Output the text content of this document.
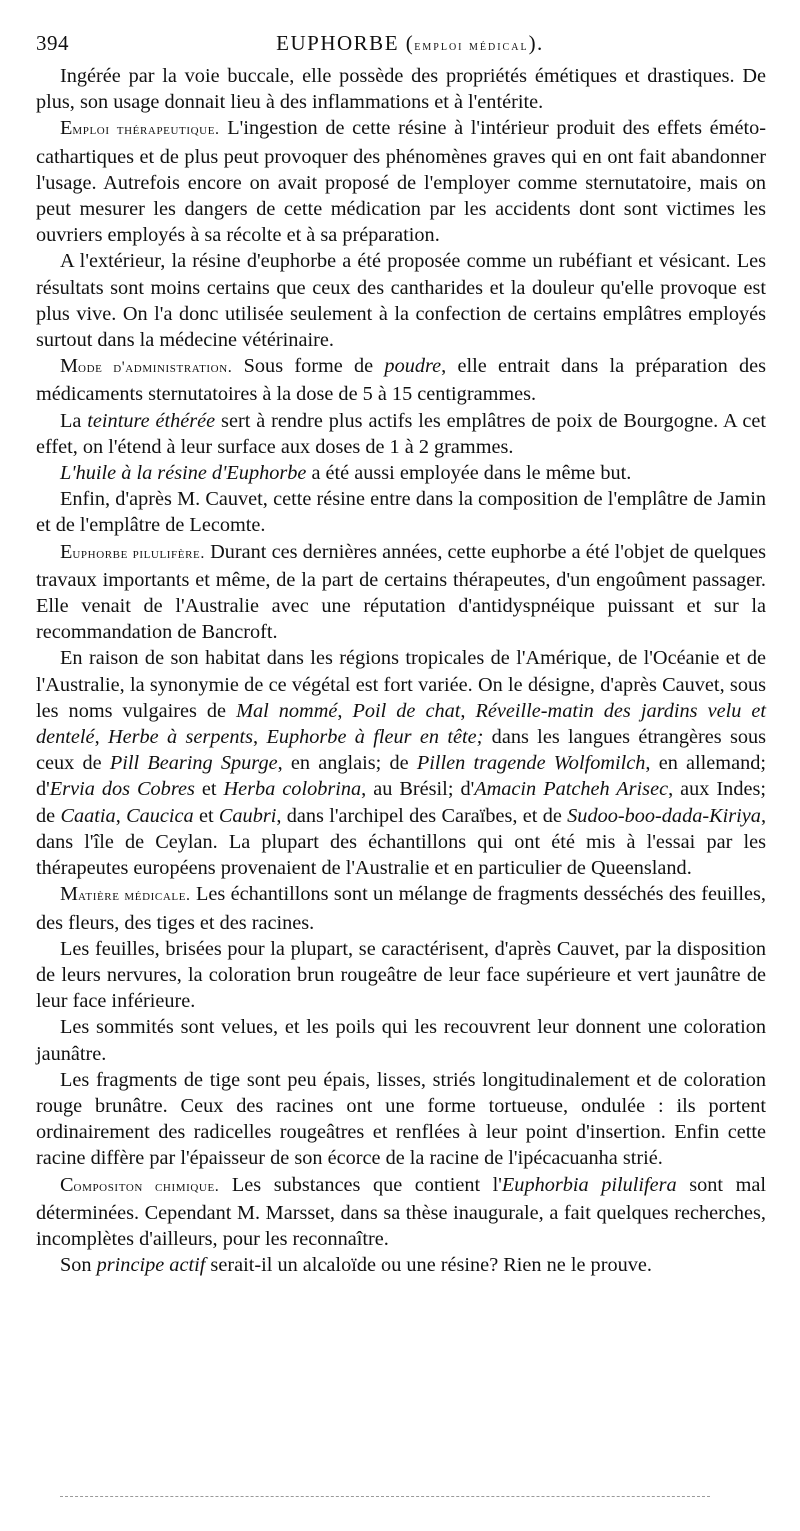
394	EUPHORBE (emploi médical).

Ingérée par la voie buccale, elle possède des propriétés émétiques et drastiques. De plus, son usage donnait lieu à des inflammations et à l'entérite.

Emploi thérapeutique. L'ingestion de cette résine à l'intérieur produit des effets éméto-cathartiques et de plus peut provoquer des phénomènes graves qui en ont fait abandonner l'usage. Autrefois encore on avait proposé de l'employer comme sternutatoire, mais on peut mesurer les dangers de cette médication par les accidents dont sont victimes les ouvriers employés à sa récolte et à sa préparation.

A l'extérieur, la résine d'euphorbe a été proposée comme un rubéfiant et vésicant. Les résultats sont moins certains que ceux des cantharides et la douleur qu'elle provoque est plus vive. On l'a donc utilisée seulement à la confection de certains emplâtres employés surtout dans la médecine vétérinaire.

Mode d'administration. Sous forme de poudre, elle entrait dans la préparation des médicaments sternutatoires à la dose de 5 à 15 centigrammes.

La teinture éthérée sert à rendre plus actifs les emplâtres de poix de Bourgogne. A cet effet, on l'étend à leur surface aux doses de 1 à 2 grammes.

L'huile à la résine d'Euphorbe a été aussi employée dans le même but.

Enfin, d'après M. Cauvet, cette résine entre dans la composition de l'emplâtre de Jamin et de l'emplâtre de Lecomte.

Euphorbe pilulifère. Durant ces dernières années, cette euphorbe a été l'objet de quelques travaux importants et même, de la part de certains thérapeutes, d'un engoûment passager. Elle venait de l'Australie avec une réputation d'antidyspnéique puissant et sur la recommandation de Bancroft.

En raison de son habitat dans les régions tropicales de l'Amérique, de l'Océanie et de l'Australie, la synonymie de ce végétal est fort variée. On le désigne, d'après Cauvet, sous les noms vulgaires de Mal nommé, Poil de chat, Réveille-matin des jardins velu et dentelé, Herbe à serpents, Euphorbe à fleur en tête; dans les langues étrangères sous ceux de Pill Bearing Spurge, en anglais; de Pillen tragende Wolfomilch, en allemand; d'Ervia dos Cobres et Herba colobrina, au Brésil; d'Amacin Patcheh Arisec, aux Indes; de Caatia, Caucica et Caubri, dans l'archipel des Caraïbes, et de Sudoo-boo-dada-Kiriya, dans l'île de Ceylan. La plupart des échantillons qui ont été mis à l'essai par les thérapeutes européens provenaient de l'Australie et en particulier de Queensland.

Matière médicale. Les échantillons sont un mélange de fragments desséchés des feuilles, des fleurs, des tiges et des racines.

Les feuilles, brisées pour la plupart, se caractérisent, d'après Cauvet, par la disposition de leurs nervures, la coloration brun rougeâtre de leur face supérieure et vert jaunâtre de leur face inférieure.

Les sommités sont velues, et les poils qui les recouvrent leur donnent une coloration jaunâtre.

Les fragments de tige sont peu épais, lisses, striés longitudinalement et de coloration rouge brunâtre. Ceux des racines ont une forme tortueuse, ondulée : ils portent ordinairement des radicelles rougeâtres et renflées à leur point d'insertion. Enfin cette racine diffère par l'épaisseur de son écorce de la racine de l'ipécacuanha strié.

Compositon chimique. Les substances que contient l'Euphorbia pilulifera sont mal déterminées. Cependant M. Marsset, dans sa thèse inaugurale, a fait quelques recherches, incomplètes d'ailleurs, pour les reconnaître.

Son principe actif serait-il un alcaloïde ou une résine? Rien ne le prouve.
